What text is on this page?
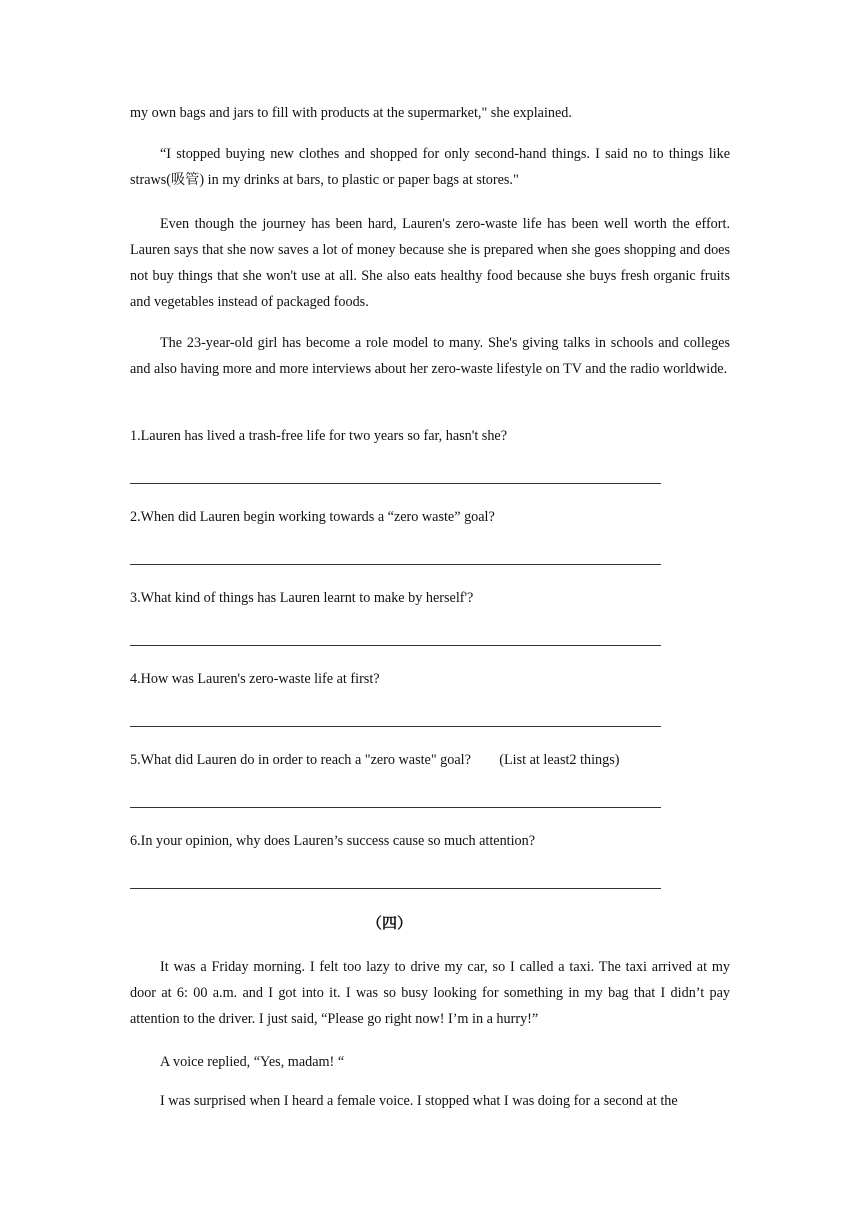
my own bags and jars to fill with products at the supermarket," she explained.

“I stopped buying new clothes and shopped for only second-hand things. I said no to things like straws(吸管) in my drinks at bars, to plastic or paper bags at stores."

Even though the journey has been hard, Lauren's zero-waste life has been well worth the effort. Lauren says that she now saves a lot of money because she is prepared when she goes shopping and does not buy things that she won't use at all. She also eats healthy food because she buys fresh organic fruits and vegetables instead of packaged foods.

The 23-year-old girl has become a role model to many. She's giving talks in schools and colleges and also having more and more interviews about her zero-waste lifestyle on TV and the radio worldwide.

1.Lauren has lived a trash-free life for two years so far, hasn't she?
2.When did Lauren begin working towards a “zero waste” goal?
3.What kind of things has Lauren learnt to make by herself'?
4.How was Lauren's zero-waste life at first?
5.What did Lauren do in order to reach a "zero waste" goal?        (List at least2 things)
6.In your opinion, why does Lauren’s success cause so much attention?
（四）

It was a Friday morning. I felt too lazy to drive my car, so I called a taxi. The taxi arrived at my door at 6: 00 a.m. and I got into it. I was so busy looking for something in my bag that I didn’t pay attention to the driver. I just said, “Please go right now! I’m in a hurry!”

A voice replied, “Yes, madam! “

I was surprised when I heard a female voice. I stopped what I was doing for a second at the
